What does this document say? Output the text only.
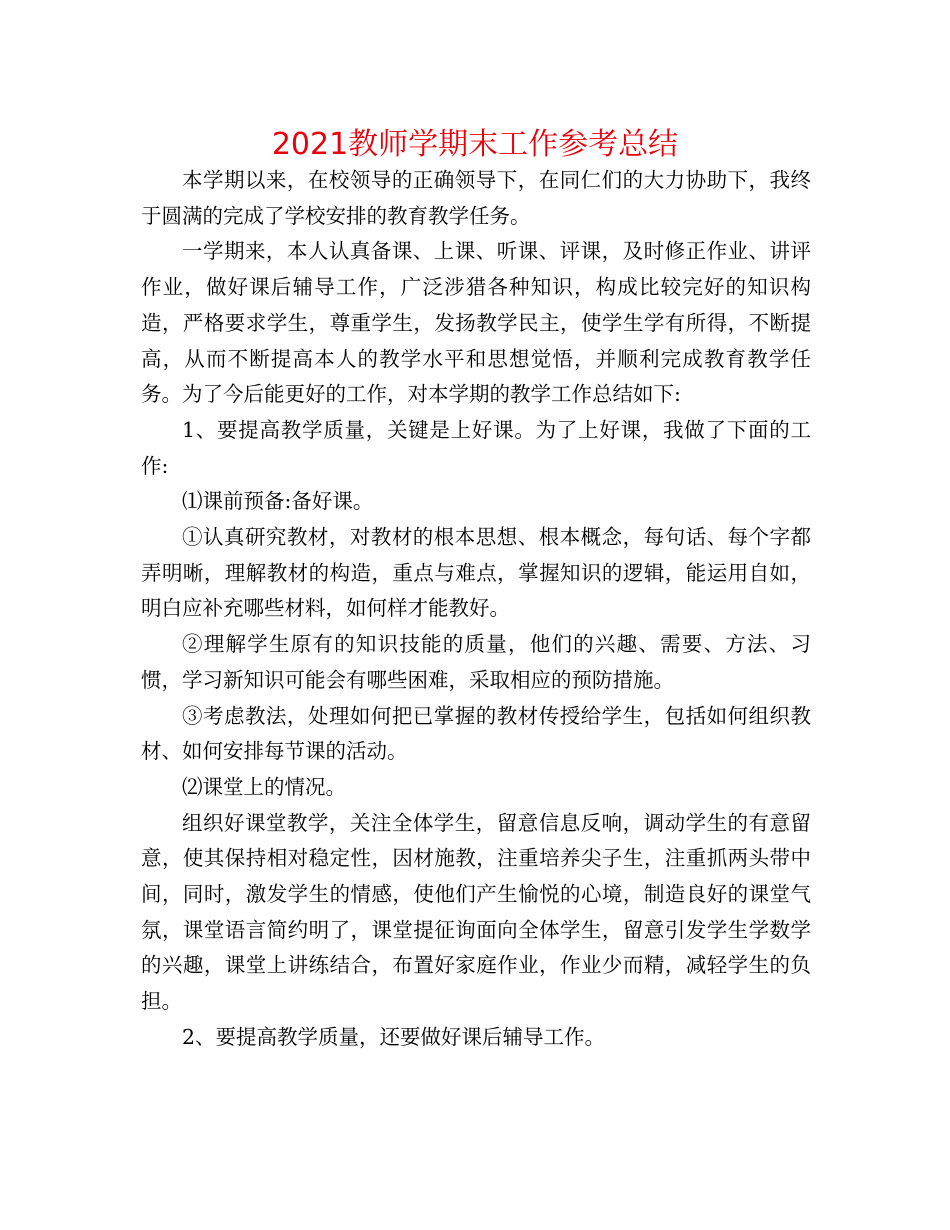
2021教师学期末工作参考总结

本学期以来，在校领导的正确领导下，在同仁们的大力协助下，我终于圆满的完成了学校安排的教育教学任务。

一学期来，本人认真备课、上课、听课、评课，及时修正作业、讲评作业，做好课后辅导工作，广泛涉猎各种知识，构成比较完好的知识构造，严格要求学生，尊重学生，发扬教学民主，使学生学有所得，不断提高，从而不断提高本人的教学水平和思想觉悟，并顺利完成教育教学任务。为了今后能更好的工作，对本学期的教学工作总结如下:

1、要提高教学质量，关键是上好课。为了上好课，我做了下面的工作:

⑴课前预备:备好课。

①认真研究教材，对教材的根本思想、根本概念，每句话、每个字都弄明晰，理解教材的构造，重点与难点，掌握知识的逻辑，能运用自如，明白应补充哪些材料，如何样才能教好。

②理解学生原有的知识技能的质量，他们的兴趣、需要、方法、习惯，学习新知识可能会有哪些困难，采取相应的预防措施。

③考虑教法，处理如何把已掌握的教材传授给学生，包括如何组织教材、如何安排每节课的活动。

⑵课堂上的情况。

组织好课堂教学，关注全体学生，留意信息反响，调动学生的有意留意，使其保持相对稳定性，因材施教，注重培养尖子生，注重抓两头带中间，同时，激发学生的情感，使他们产生愉悦的心境，制造良好的课堂气氛，课堂语言简约明了，课堂提征询面向全体学生，留意引发学生学数学的兴趣，课堂上讲练结合，布置好家庭作业，作业少而精，减轻学生的负担。

2、要提高教学质量，还要做好课后辅导工作。
